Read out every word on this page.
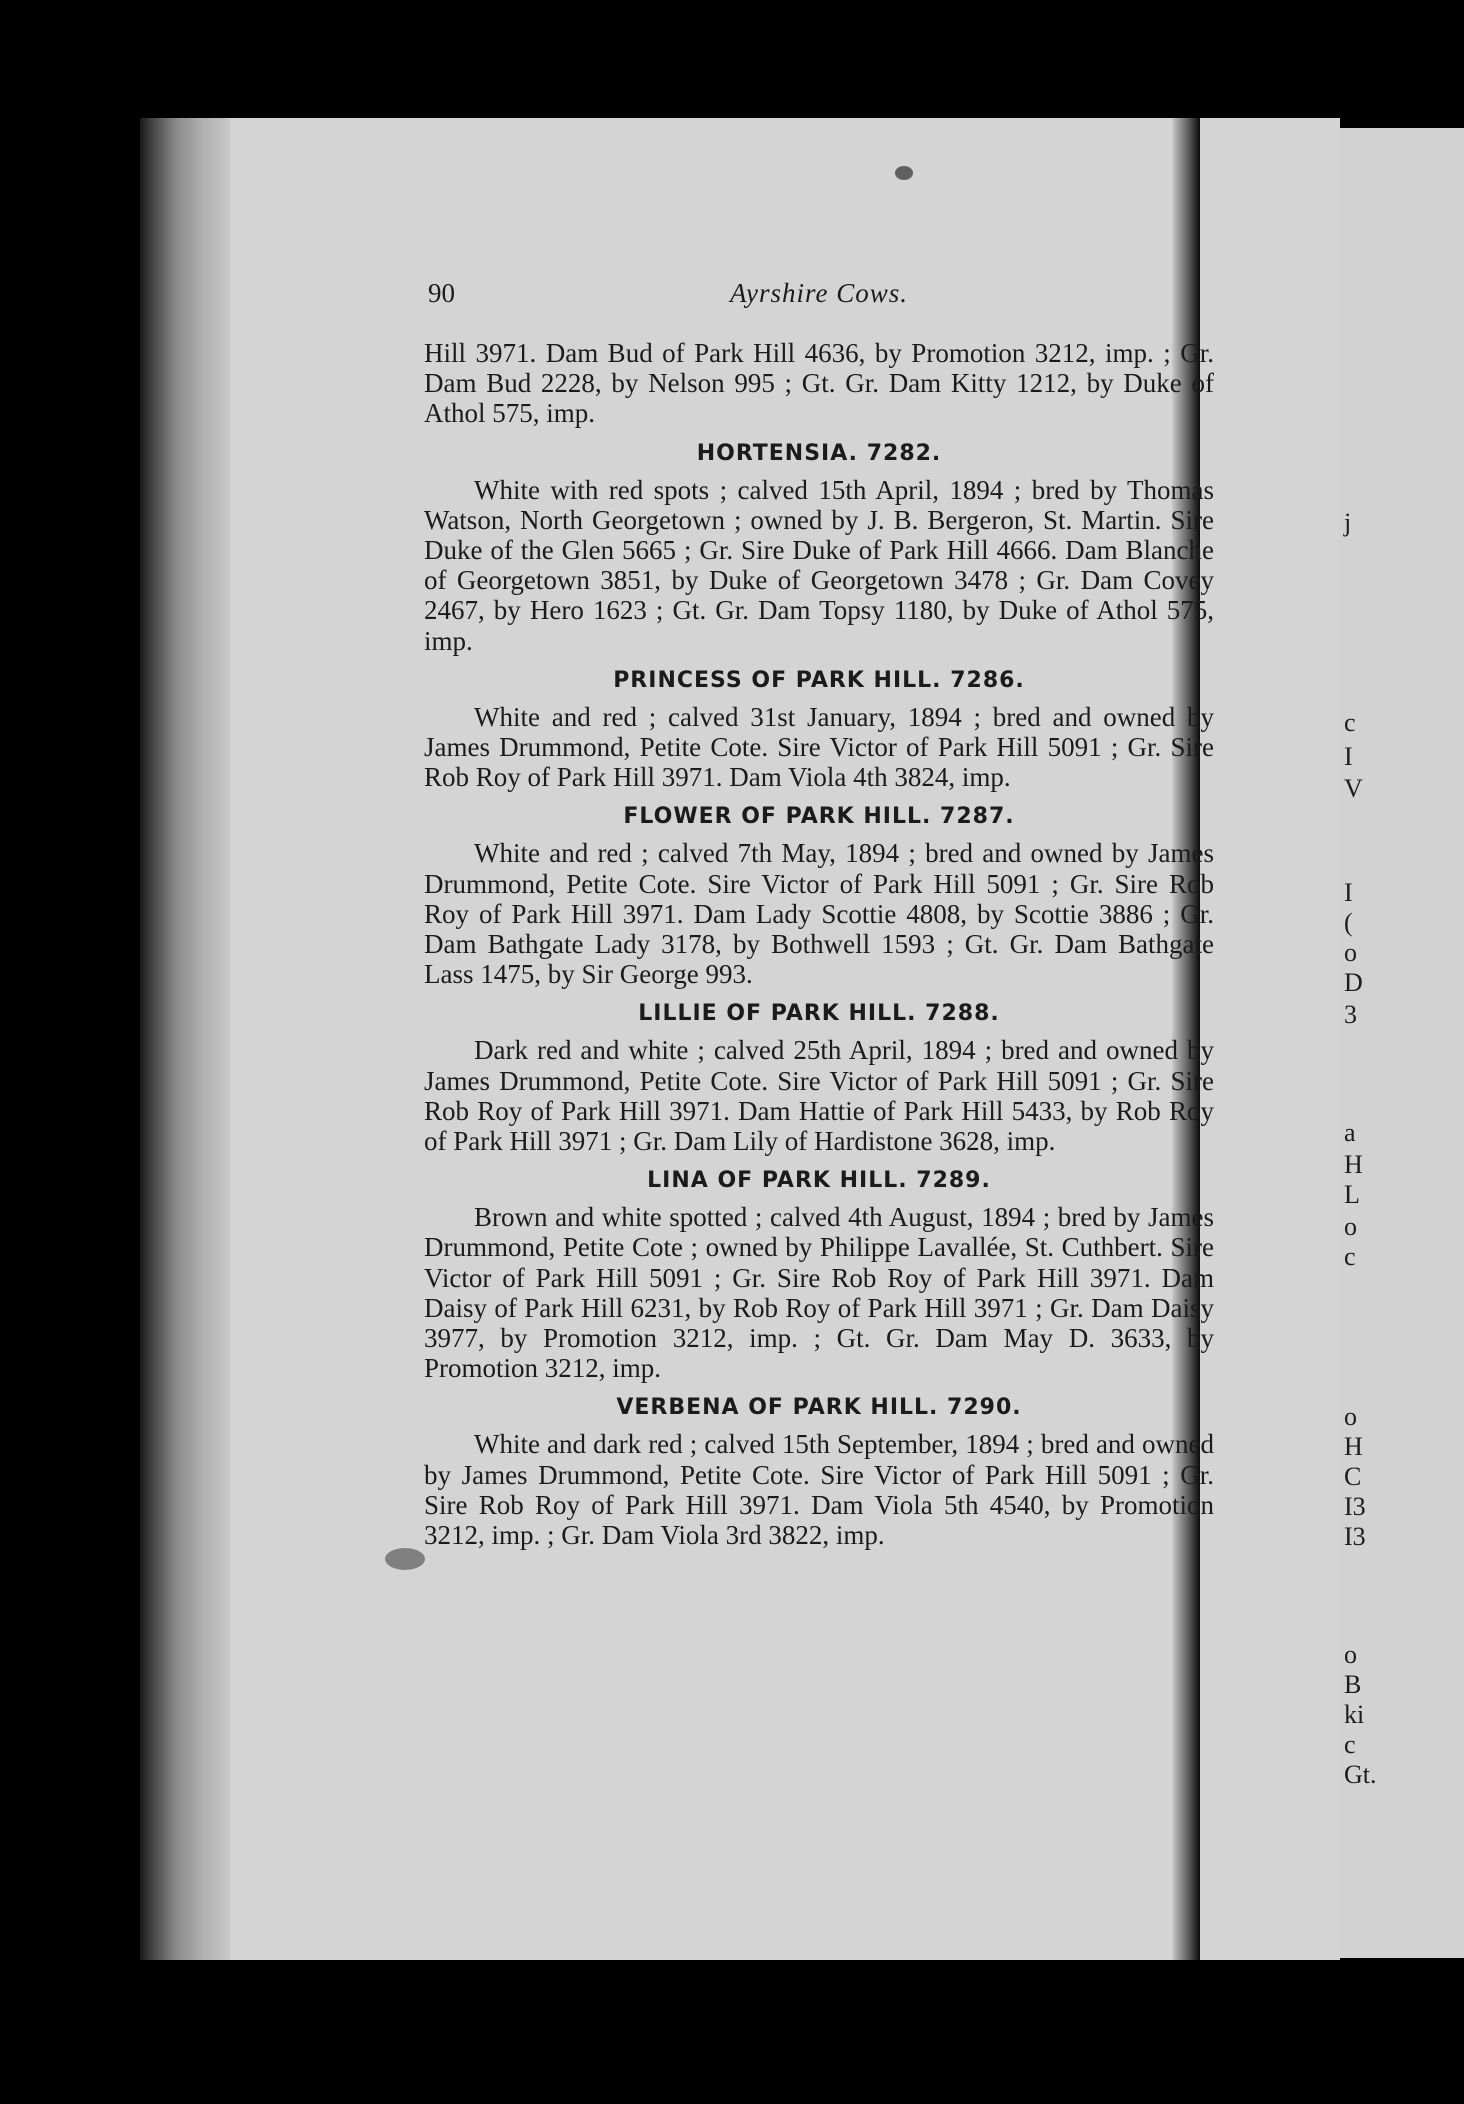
j
c
I
V
I
(
o
D
3
a
H
L
o
c
o
H
C
I3
I3
o
B
ki
c
Gt.
90	Ayrshire Cows.

Hill 3971. Dam Bud of Park Hill 4636, by Promotion 3212, imp. ; Gr. Dam Bud 2228, by Nelson 995 ; Gt. Gr. Dam Kitty 1212, by Duke of Athol 575, imp.

HORTENSIA. 7282.

White with red spots ; calved 15th April, 1894 ; bred by Thomas Watson, North Georgetown ; owned by J. B. Bergeron, St. Martin. Sire Duke of the Glen 5665 ; Gr. Sire Duke of Park Hill 4666. Dam Blanche of Georgetown 3851, by Duke of Georgetown 3478 ; Gr. Dam Covey 2467, by Hero 1623 ; Gt. Gr. Dam Topsy 1180, by Duke of Athol 575, imp.

PRINCESS OF PARK HILL. 7286.

White and red ; calved 31st January, 1894 ; bred and owned by James Drummond, Petite Cote. Sire Victor of Park Hill 5091 ; Gr. Sire Rob Roy of Park Hill 3971. Dam Viola 4th 3824, imp.

FLOWER OF PARK HILL. 7287.

White and red ; calved 7th May, 1894 ; bred and owned by James Drummond, Petite Cote. Sire Victor of Park Hill 5091 ; Gr. Sire Rob Roy of Park Hill 3971. Dam Lady Scottie 4808, by Scottie 3886 ; Gr. Dam Bathgate Lady 3178, by Bothwell 1593 ; Gt. Gr. Dam Bathgate Lass 1475, by Sir George 993.

LILLIE OF PARK HILL. 7288.

Dark red and white ; calved 25th April, 1894 ; bred and owned by James Drummond, Petite Cote. Sire Victor of Park Hill 5091 ; Gr. Sire Rob Roy of Park Hill 3971. Dam Hattie of Park Hill 5433, by Rob Roy of Park Hill 3971 ; Gr. Dam Lily of Hardistone 3628, imp.

LINA OF PARK HILL. 7289.

Brown and white spotted ; calved 4th August, 1894 ; bred by James Drummond, Petite Cote ; owned by Philippe Lavallée, St. Cuthbert. Sire Victor of Park Hill 5091 ; Gr. Sire Rob Roy of Park Hill 3971. Dam Daisy of Park Hill 6231, by Rob Roy of Park Hill 3971 ; Gr. Dam Daisy 3977, by Promotion 3212, imp. ; Gt. Gr. Dam May D. 3633, by Promotion 3212, imp.

VERBENA OF PARK HILL. 7290.

White and dark red ; calved 15th September, 1894 ; bred and owned by James Drummond, Petite Cote. Sire Victor of Park Hill 5091 ; Gr. Sire Rob Roy of Park Hill 3971. Dam Viola 5th 4540, by Promotion 3212, imp. ; Gr. Dam Viola 3rd 3822, imp.
